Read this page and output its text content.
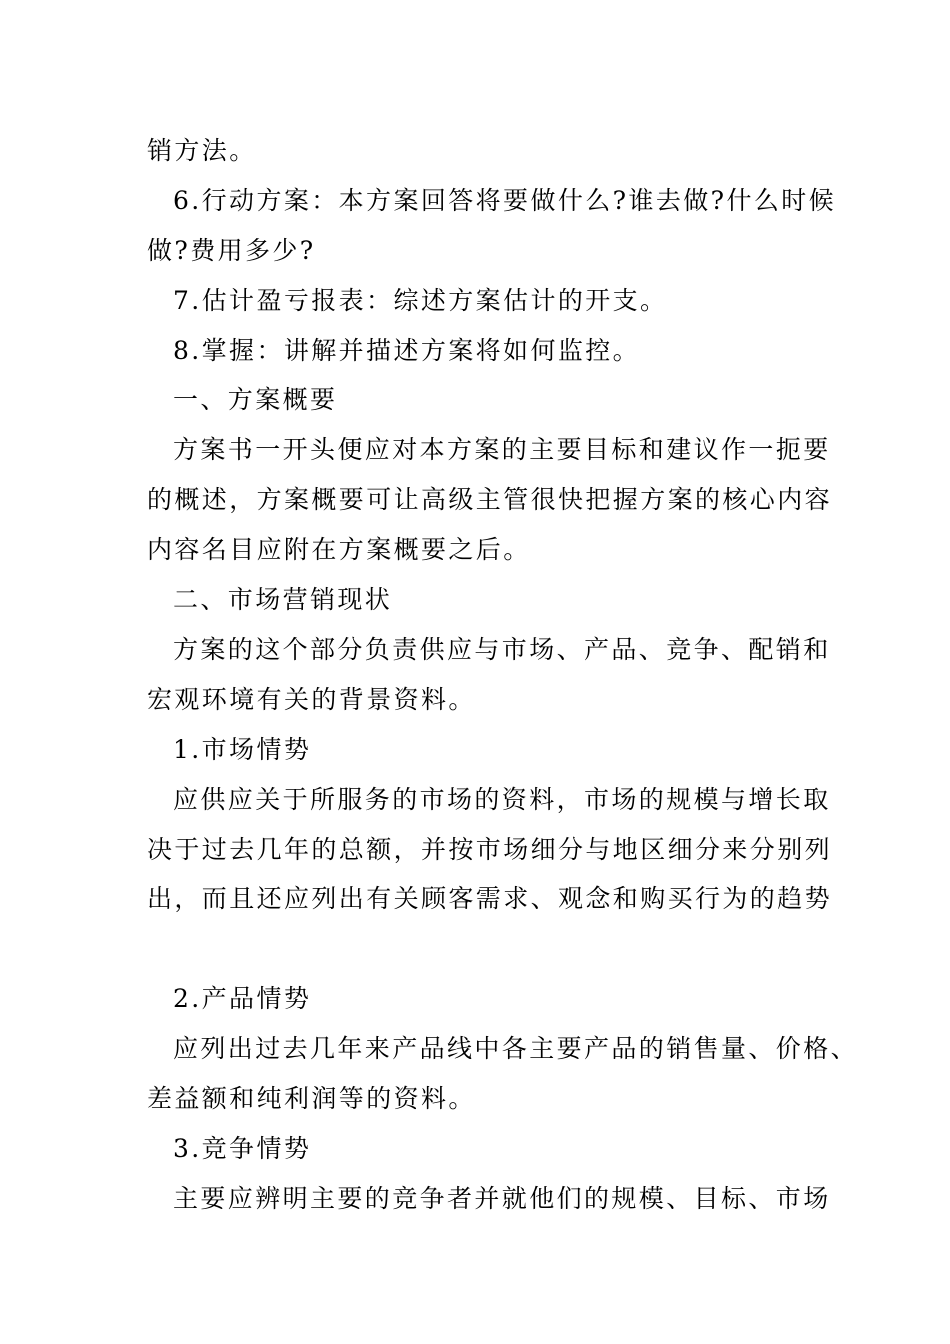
销方法。
6.行动方案：本方案回答将要做什么?谁去做?什么时候
做?费用多少?
7.估计盈亏报表：综述方案估计的开支。
8.掌握：讲解并描述方案将如何监控。
一、方案概要
方案书一开头便应对本方案的主要目标和建议作一扼要
的概述，方案概要可让高级主管很快把握方案的核心内容
内容名目应附在方案概要之后。
二、市场营销现状
方案的这个部分负责供应与市场、产品、竞争、配销和
宏观环境有关的背景资料。
1.市场情势
应供应关于所服务的市场的资料，市场的规模与增长取
决于过去几年的总额，并按市场细分与地区细分来分别列
出，而且还应列出有关顾客需求、观念和购买行为的趋势
2.产品情势
应列出过去几年来产品线中各主要产品的销售量、价格、
差益额和纯利润等的资料。
3.竞争情势
主要应辨明主要的竞争者并就他们的规模、目标、市场
